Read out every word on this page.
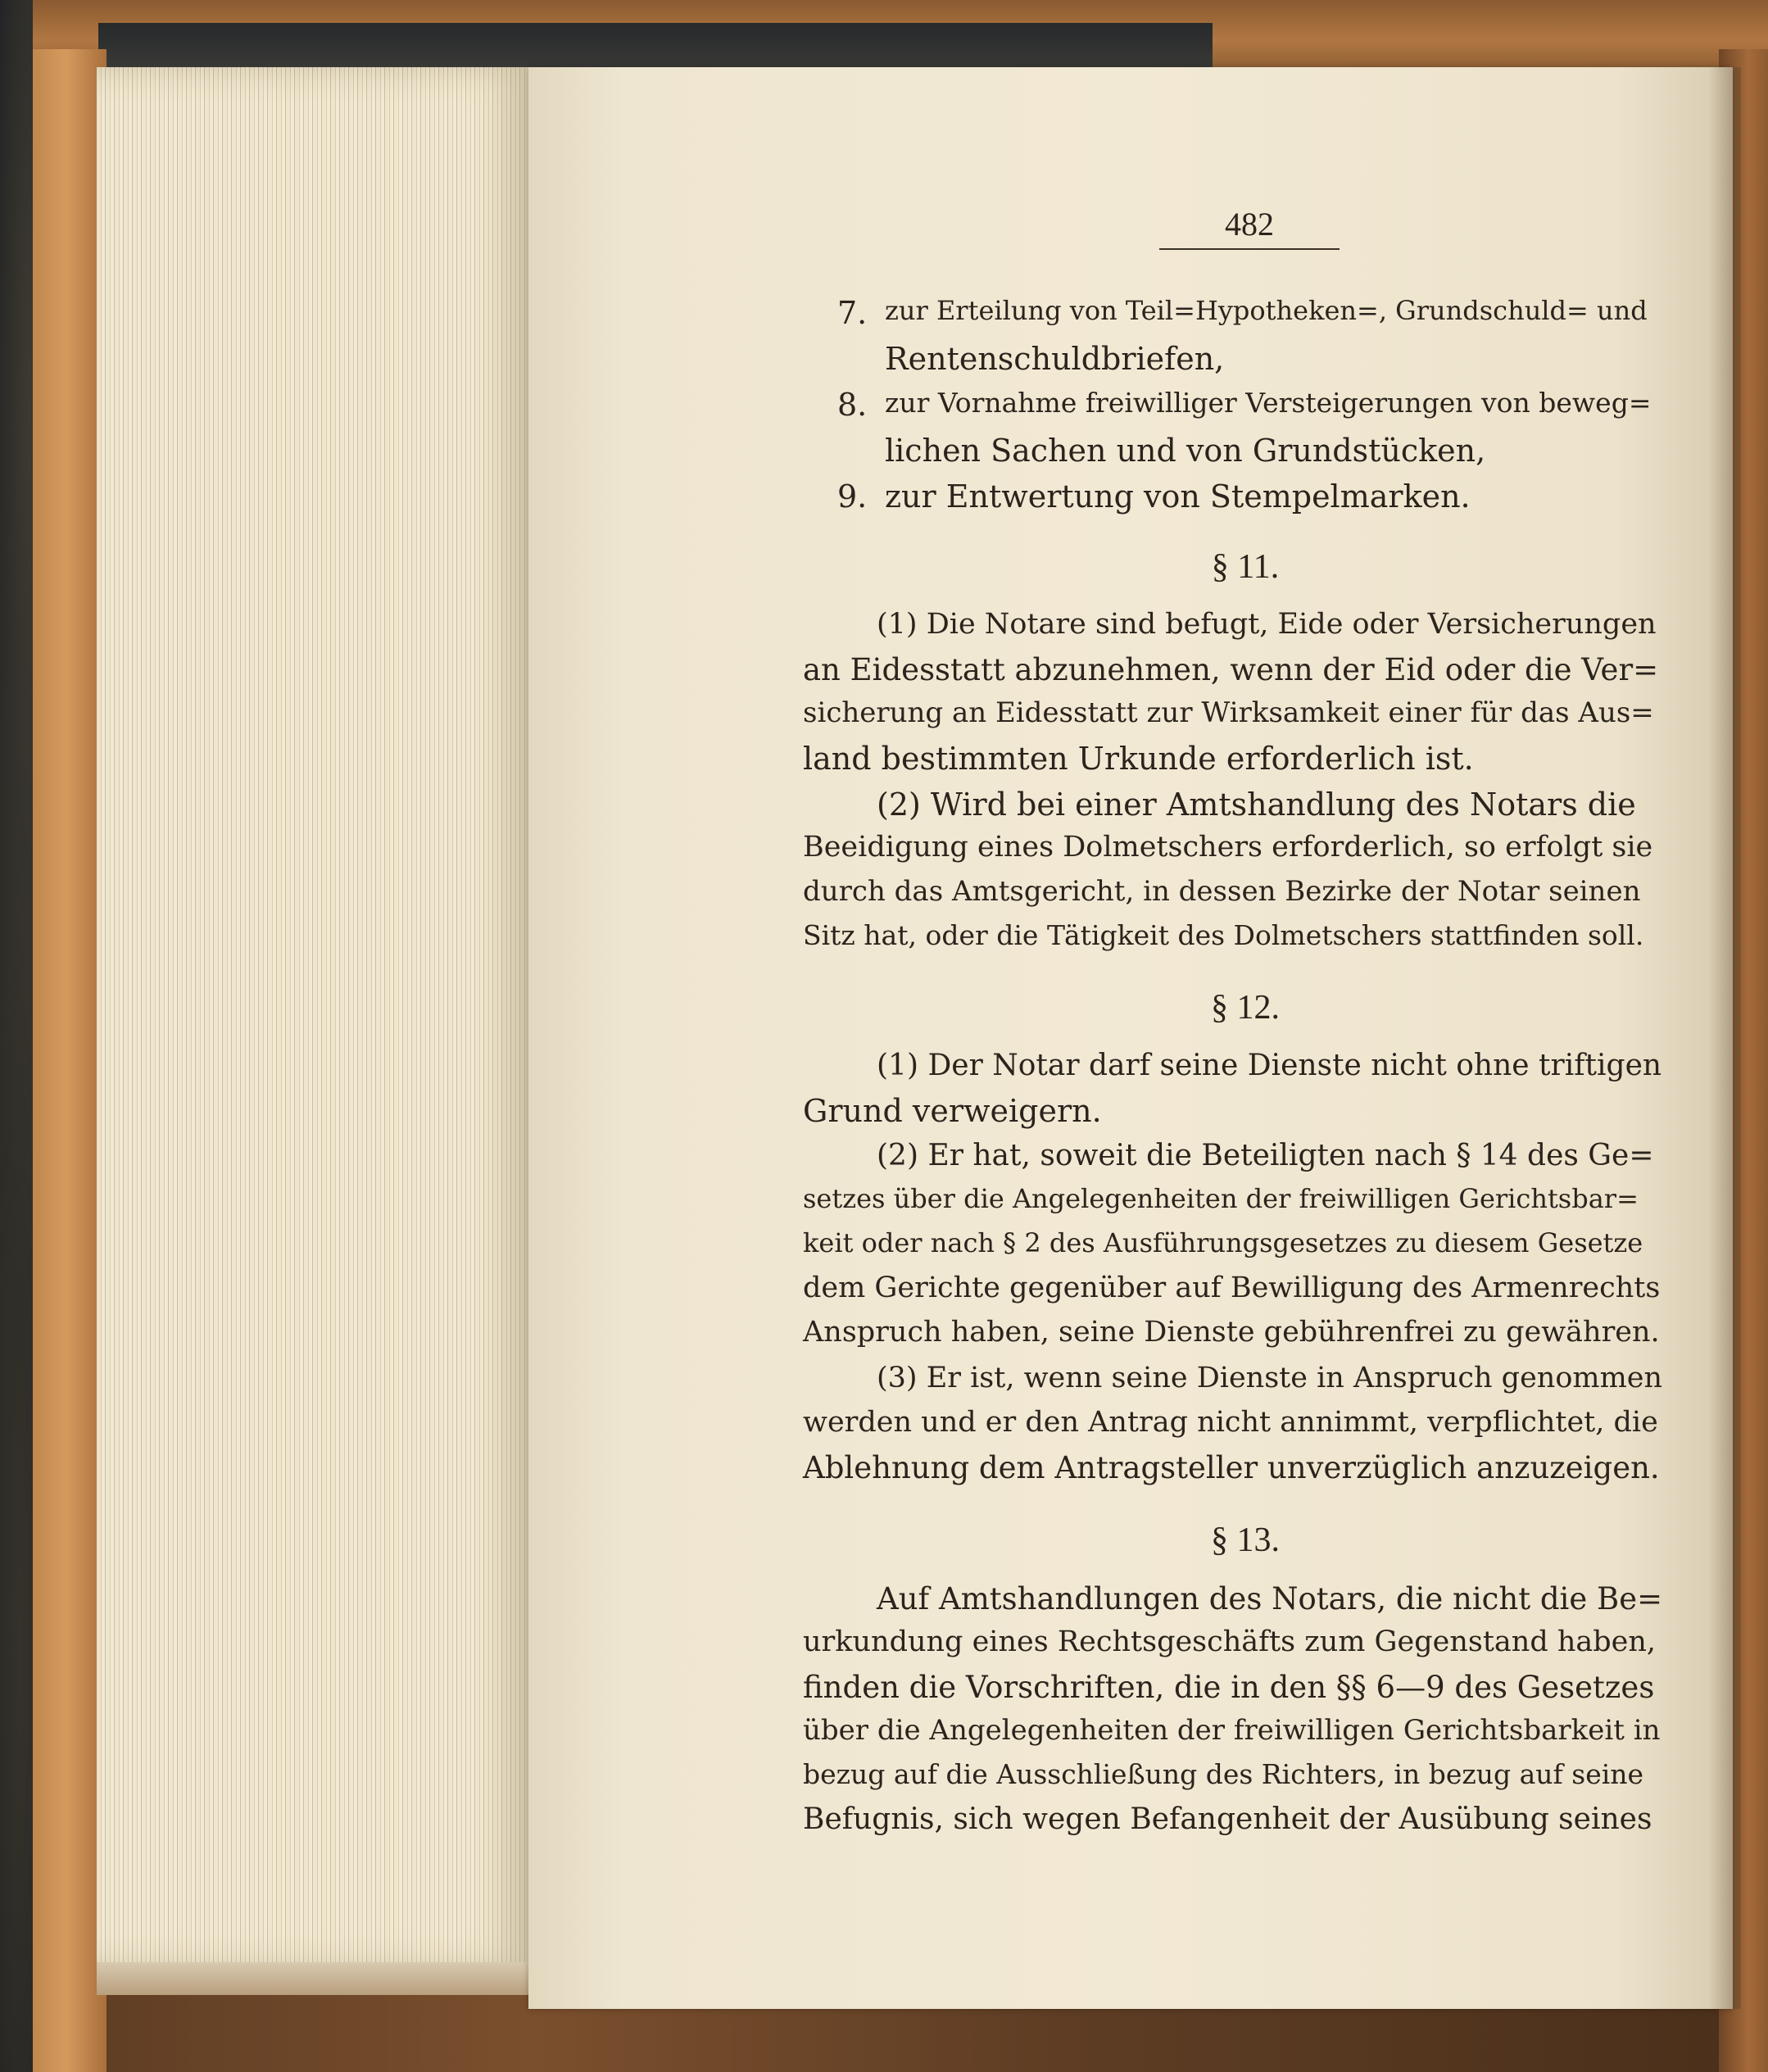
482
7. zur Erteilung von Teil=Hypotheken=, Grundschuld= und
Rentenschuldbriefen,
8. zur Vornahme freiwilliger Versteigerungen von beweg=
lichen Sachen und von Grundstücken,
9. zur Entwertung von Stempelmarken.
§ 11.
(1) Die Notare sind befugt, Eide oder Versicherungen
an Eidesstatt abzunehmen, wenn der Eid oder die Ver=
sicherung an Eidesstatt zur Wirksamkeit einer für das Aus=
land bestimmten Urkunde erforderlich ist.
(2) Wird bei einer Amtshandlung des Notars die
Beeidigung eines Dolmetschers erforderlich, so erfolgt sie
durch das Amtsgericht, in dessen Bezirke der Notar seinen
Sitz hat, oder die Tätigkeit des Dolmetschers stattfinden soll.
§ 12.
(1) Der Notar darf seine Dienste nicht ohne triftigen
Grund verweigern.
(2) Er hat, soweit die Beteiligten nach § 14 des Ge=
setzes über die Angelegenheiten der freiwilligen Gerichtsbar=
keit oder nach § 2 des Ausführungsgesetzes zu diesem Gesetze
dem Gerichte gegenüber auf Bewilligung des Armenrechts
Anspruch haben, seine Dienste gebührenfrei zu gewähren.
(3) Er ist, wenn seine Dienste in Anspruch genommen
werden und er den Antrag nicht annimmt, verpflichtet, die
Ablehnung dem Antragsteller unverzüglich anzuzeigen.
§ 13.
Auf Amtshandlungen des Notars, die nicht die Be=
urkundung eines Rechtsgeschäfts zum Gegenstand haben,
finden die Vorschriften, die in den §§ 6—9 des Gesetzes
über die Angelegenheiten der freiwilligen Gerichtsbarkeit in
bezug auf die Ausschließung des Richters, in bezug auf seine
Befugnis, sich wegen Befangenheit der Ausübung seines
